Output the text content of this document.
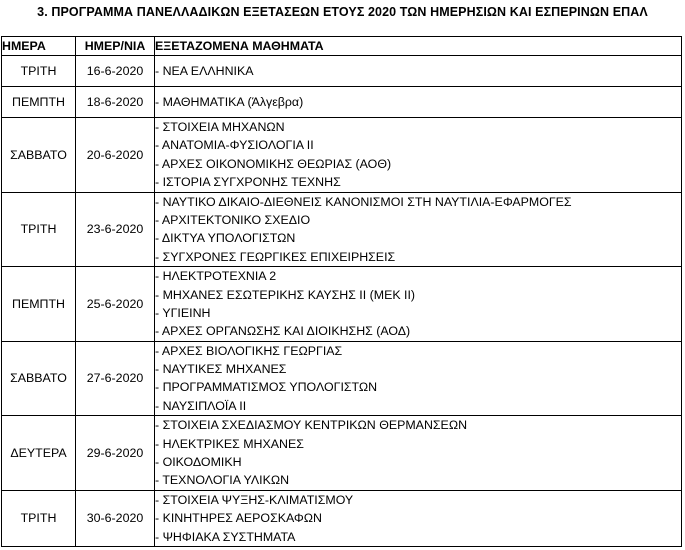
3. ΠΡΟΓΡΑΜΜΑ ΠΑΝΕΛΛΑΔΙΚΩΝ ΕΞΕΤΑΣΕΩΝ ΕΤΟΥΣ 2020 ΤΩΝ ΗΜΕΡΗΣΙΩΝ ΚΑΙ ΕΣΠΕΡΙΝΩΝ ΕΠΑΛ
ΗΜΕΡΑ	ΗΜΕΡ/ΝΙΑ	ΕΞΕΤΑΖΟΜΕΝΑ ΜΑΘΗΜΑΤΑ
ΤΡΙΤΗ	16-6-2020	- ΝΕΑ ΕΛΛΗΝΙΚΑ

ΠΕΜΠΤΗ	18-6-2020	- ΜΑΘΗΜΑΤΙΚΑ (Άλγεβρα)

ΣΑΒΒΑΤΟ	20-6-2020	- ΣΤΟΙΧΕΙΑ ΜΗΧΑΝΩΝ
- ΑΝΑΤΟΜΙΑ-ΦΥΣΙΟΛΟΓΙΑ ΙΙ
- ΑΡΧΕΣ ΟΙΚΟΝΟΜΙΚΗΣ ΘΕΩΡΙΑΣ (ΑΟΘ)
- ΙΣΤΟΡΙΑ ΣΥΓΧΡΟΝΗΣ ΤΕΧΝΗΣ

ΤΡΙΤΗ	23-6-2020	- ΝΑΥΤΙΚΟ ΔΙΚΑΙΟ-ΔΙΕΘΝΕΙΣ ΚΑΝΟΝΙΣΜΟΙ ΣΤΗ ΝΑΥΤΙΛΙΑ-ΕΦΑΡΜΟΓΕΣ
- ΑΡΧΙΤΕΚΤΟΝΙΚΟ ΣΧΕΔΙΟ
- ΔΙΚΤΥΑ ΥΠΟΛΟΓΙΣΤΩΝ
- ΣΥΓΧΡΟΝΕΣ ΓΕΩΡΓΙΚΕΣ ΕΠΙΧΕΙΡΗΣΕΙΣ

ΠΕΜΠΤΗ	25-6-2020	- ΗΛΕΚΤΡΟΤΕΧΝΙΑ 2
- ΜΗΧΑΝΕΣ ΕΣΩΤΕΡΙΚΗΣ ΚΑΥΣΗΣ ΙΙ (ΜΕΚ ΙΙ)
- ΥΓΙΕΙΝΗ
- ΑΡΧΕΣ ΟΡΓΑΝΩΣΗΣ ΚΑΙ ΔΙΟΙΚΗΣΗΣ (ΑΟΔ)

ΣΑΒΒΑΤΟ	27-6-2020	- ΑΡΧΕΣ ΒΙΟΛΟΓΙΚΗΣ ΓΕΩΡΓΙΑΣ
- ΝΑΥΤΙΚΕΣ ΜΗΧΑΝΕΣ
- ΠΡΟΓΡΑΜΜΑΤΙΣΜΟΣ ΥΠΟΛΟΓΙΣΤΩΝ
- ΝΑΥΣΙΠΛΟΪΑ ΙΙ

ΔΕΥΤΕΡΑ	29-6-2020	- ΣΤΟΙΧΕΙΑ ΣΧΕΔΙΑΣΜΟΥ ΚΕΝΤΡΙΚΩΝ ΘΕΡΜΑΝΣΕΩΝ
- ΗΛΕΚΤΡΙΚΕΣ ΜΗΧΑΝΕΣ
- ΟΙΚΟΔΟΜΙΚΗ
- ΤΕΧΝΟΛΟΓΙΑ ΥΛΙΚΩΝ

ΤΡΙΤΗ	30-6-2020	- ΣΤΟΙΧΕΙΑ ΨΥΞΗΣ-ΚΛΙΜΑΤΙΣΜΟΥ
- ΚΙΝΗΤΗΡΕΣ ΑΕΡΟΣΚΑΦΩΝ
- ΨΗΦΙΑΚΑ ΣΥΣΤΗΜΑΤΑ
